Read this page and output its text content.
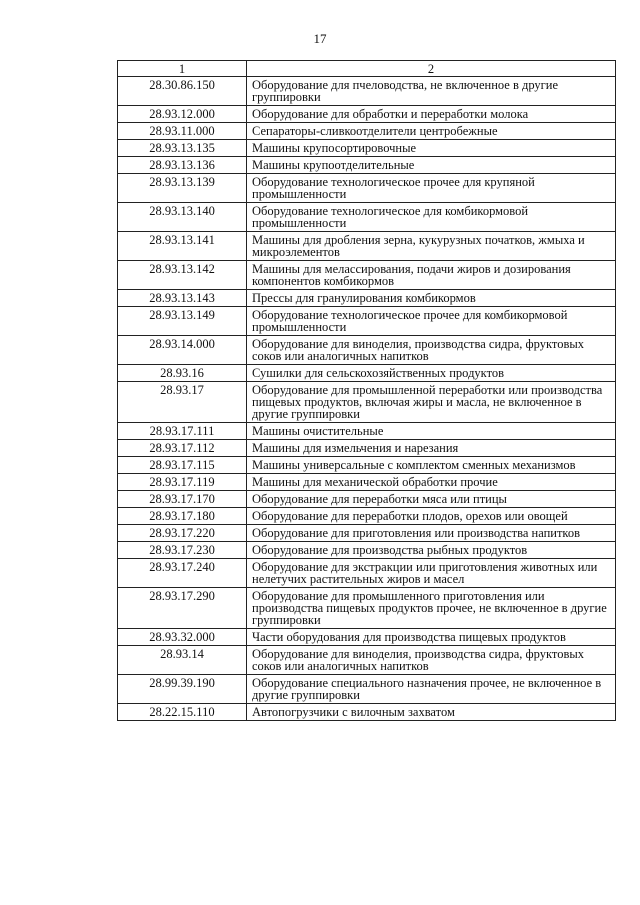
17
1	2
28.30.86.150	Оборудование для пчеловодства, не включенное в другие группировки
28.93.12.000	Оборудование для обработки и переработки молока
28.93.11.000	Сепараторы-сливкоотделители центробежные
28.93.13.135	Машины крупосортировочные
28.93.13.136	Машины крупоотделительные
28.93.13.139	Оборудование технологическое прочее для крупяной промышленности
28.93.13.140	Оборудование технологическое для комбикормовой промышленности
28.93.13.141	Машины для дробления зерна, кукурузных початков, жмыха и микроэлементов
28.93.13.142	Машины для мелассирования, подачи жиров и дозирования компонентов комбикормов
28.93.13.143	Прессы для гранулирования комбикормов
28.93.13.149	Оборудование технологическое прочее для комбикормовой промышленности
28.93.14.000	Оборудование для виноделия, производства сидра, фруктовых соков или аналогичных напитков
28.93.16	Сушилки для сельскохозяйственных продуктов
28.93.17	Оборудование для промышленной переработки или производства пищевых продуктов, включая жиры и масла, не включенное в другие группировки
28.93.17.111	Машины очистительные
28.93.17.112	Машины для измельчения и нарезания
28.93.17.115	Машины универсальные с комплектом сменных механизмов
28.93.17.119	Машины для механической обработки прочие
28.93.17.170	Оборудование для переработки мяса или птицы
28.93.17.180	Оборудование для переработки плодов, орехов или овощей
28.93.17.220	Оборудование для приготовления или производства напитков
28.93.17.230	Оборудование для производства рыбных продуктов
28.93.17.240	Оборудование для экстракции или приготовления животных или нелетучих растительных жиров и масел
28.93.17.290	Оборудование для промышленного приготовления или производства пищевых продуктов прочее, не включенное в другие группировки
28.93.32.000	Части оборудования для производства пищевых продуктов
28.93.14	Оборудование для виноделия, производства сидра, фруктовых соков или аналогичных напитков
28.99.39.190	Оборудование специального назначения прочее, не включенное в другие группировки
28.22.15.110	Автопогрузчики с вилочным захватом
